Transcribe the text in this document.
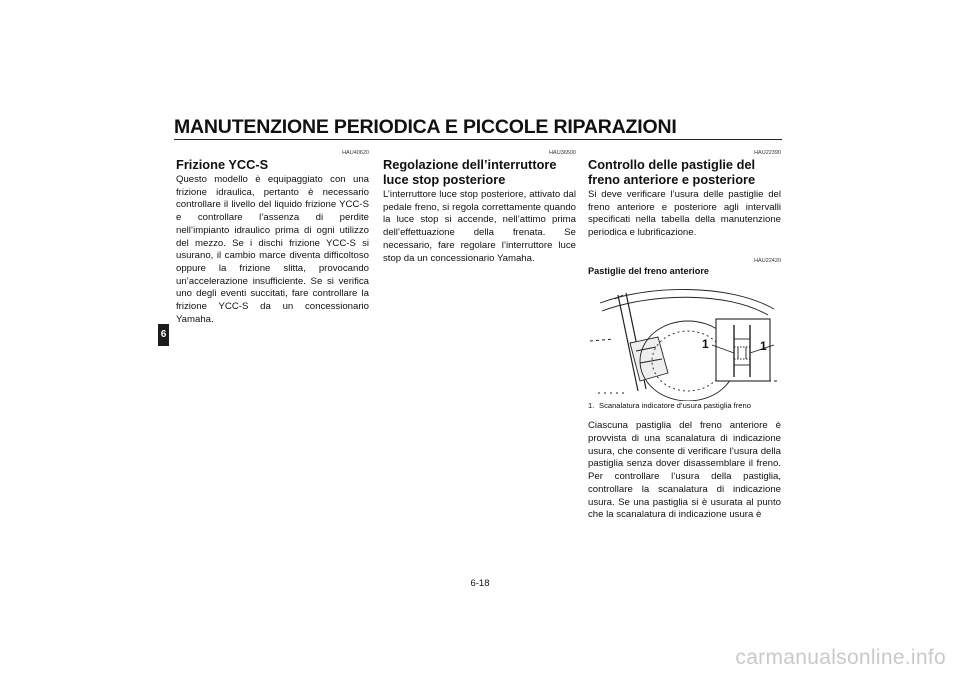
MANUTENZIONE PERIODICA E PICCOLE RIPARAZIONI
6
HAU40620
Frizione YCC-S

Questo modello è equipaggiato con una frizione idraulica, pertanto è necessario controllare il livello del liquido frizione YCC-S e controllare l’assenza di perdite nell’impianto idraulico prima di ogni utilizzo del mezzo. Se i dischi frizione YCC-S si usurano, il cambio marce diventa difficoltoso oppure la frizione slitta, provocando un’accelerazione insufficiente. Se si verifica uno degli eventi succitati, fare controllare la frizione YCC-S da un concessionario Yamaha.

HAU36500
Regolazione dell’interruttore luce stop posteriore

L’interruttore luce stop posteriore, attivato dal pedale freno, si regola correttamente quando la luce stop si accende, nell’attimo prima dell’effettuazione della frenata. Se necessario, fare regolare l’interruttore luce stop da un concessionario Yamaha.

HAU22390
Controllo delle pastiglie del freno anteriore e posteriore

Si deve verificare l’usura delle pastiglie del freno anteriore e posteriore agli intervalli specificati nella tabella della manutenzione periodica e lubrificazione.

HAU22420
Pastiglie del freno anteriore
1	1
1. Scanalatura indicatore d’usura pastiglia freno

Ciascuna pastiglia del freno anteriore è provvista di una scanalatura di indicazione usura, che consente di verificare l’usura della pastiglia senza dover disassemblare il freno. Per controllare l’usura della pastiglia, controllare la scanalatura di indicazione usura. Se una pastiglia si è usurata al punto che la scanalatura di indicazione usura è

6-18
carmanualsonline.info
